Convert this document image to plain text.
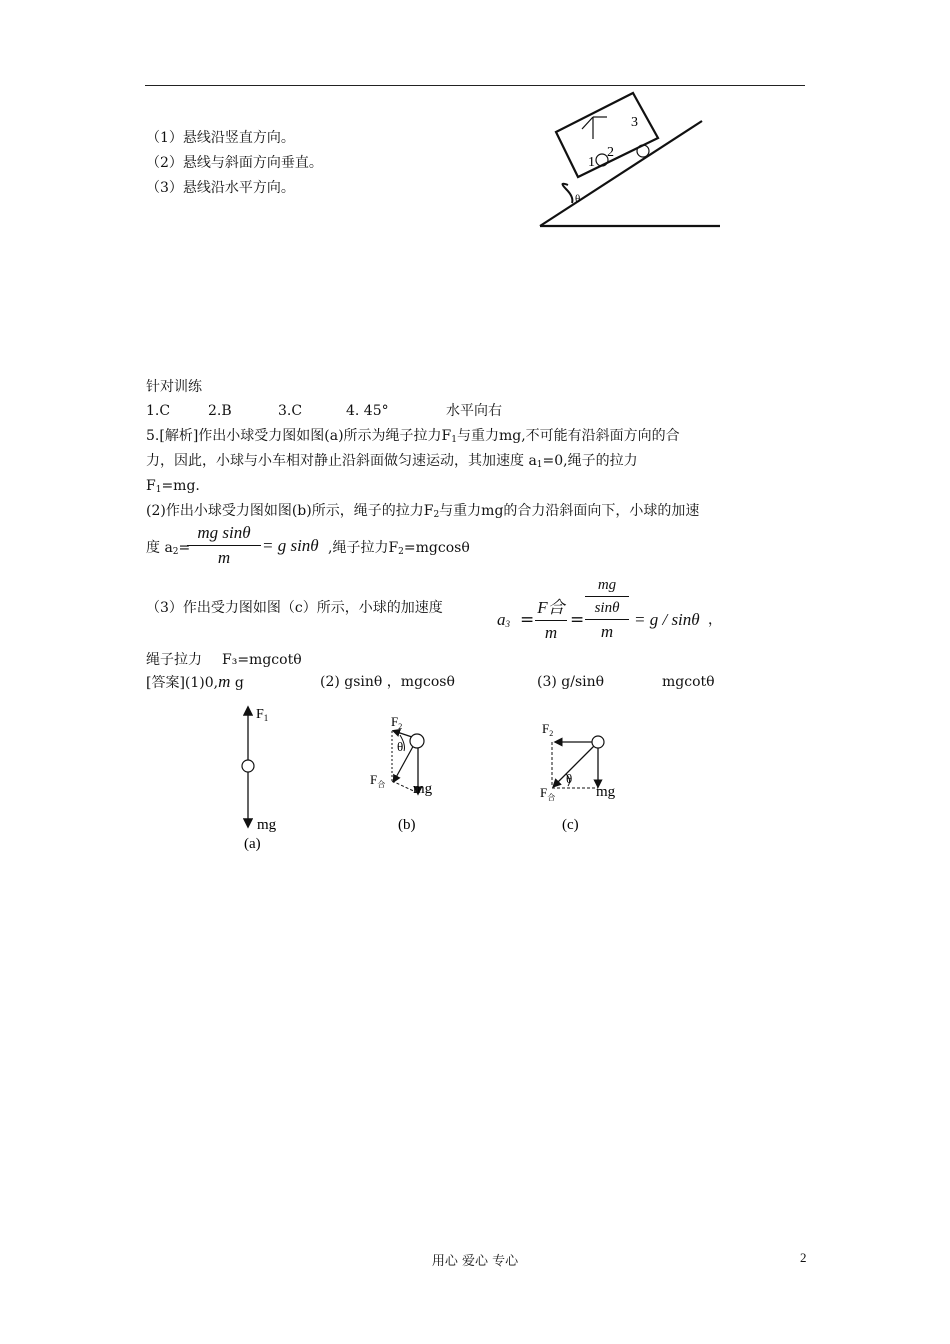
（1）悬线沿竖直方向。
（2）悬线与斜面方向垂直。
（3）悬线沿水平方向。
1
2
3
θ
针对训练
1.C	2.B	3.C	4. 45°	水平向右
5.[解析]作出小球受力图如图(a)所示为绳子拉力$F_1$与重力mg,不可能有沿斜面方向的合
力，因此，小球与小车相对静止沿斜面做匀速运动，其加速度 $a_1=0$,绳子的拉力
$F_1=mg$.
(2)作出小球受力图如图(b)所示，绳子的拉力$F_2$与重力mg的合力沿斜面向下，小球的加速
度 $a_2=$
mg sinθ
m
= g sinθ ,绳子拉力$F_2=mgcos\theta$
（3）作出受力图如图（c）所示，小球的加速度
$a_3$ =
F合
m
=
mg
sinθ
m
= g / sinθ ，
绳子拉力 F₃=mgcotθ
[答案](1)0,m g	(2) gsinθ ，mgcosθ	(3) g/sinθ	mgcotθ
$F_1$
mg
(a)
$F_2$
θ
$F_合$ mg
(b)
$F_2$
θ
$F_合$	mg
(c)
用心 爱心 专心	2
